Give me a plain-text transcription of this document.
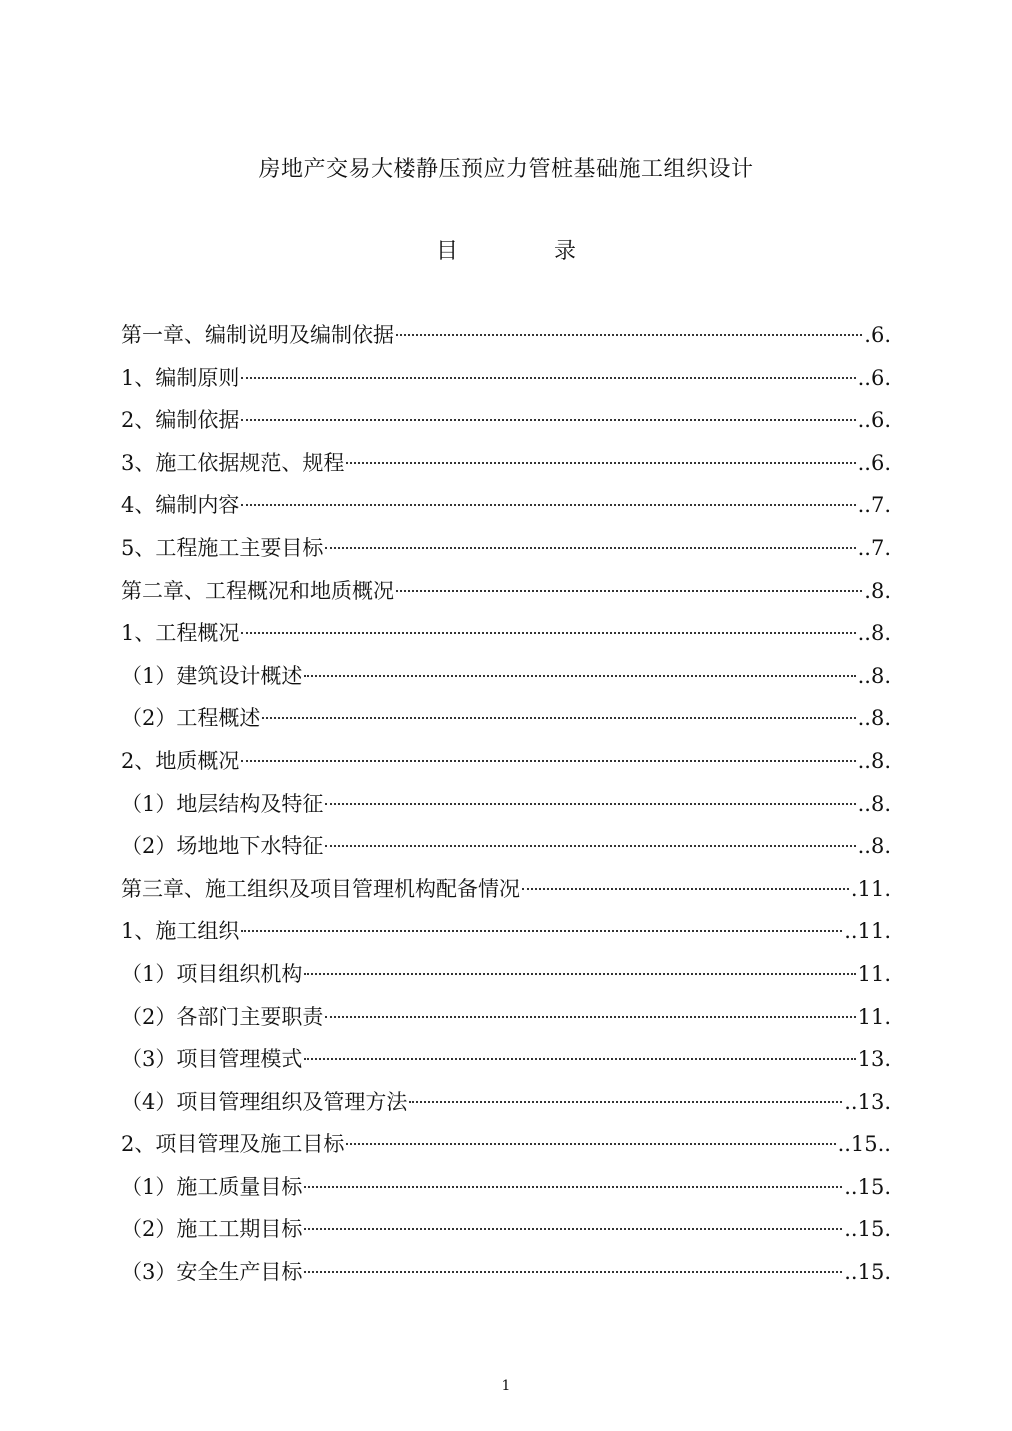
房地产交易大楼静压预应力管桩基础施工组织设计
目	录
第一章、编制说明及编制依据	.6.
1、编制原则	..6.
2、编制依据	..6.
3、施工依据规范、规程	..6.
4、编制内容	..7.
5、工程施工主要目标	..7.
第二章、工程概况和地质概况	.8.
1、工程概况	..8.
（1）建筑设计概述	..8.
（2）工程概述	..8.
2、地质概况	..8.
（1）地层结构及特征	..8.
（2）场地地下水特征	..8.
第三章、施工组织及项目管理机构配备情况	.11.
1、施工组织	..11.
（1）项目组织机构	11.
（2）各部门主要职责	11.
（3）项目管理模式	13.
（4）项目管理组织及管理方法	..13.
2、项目管理及施工目标	..15..
（1）施工质量目标	..15.
（2）施工工期目标	..15.
（3）安全生产目标	..15.
1
